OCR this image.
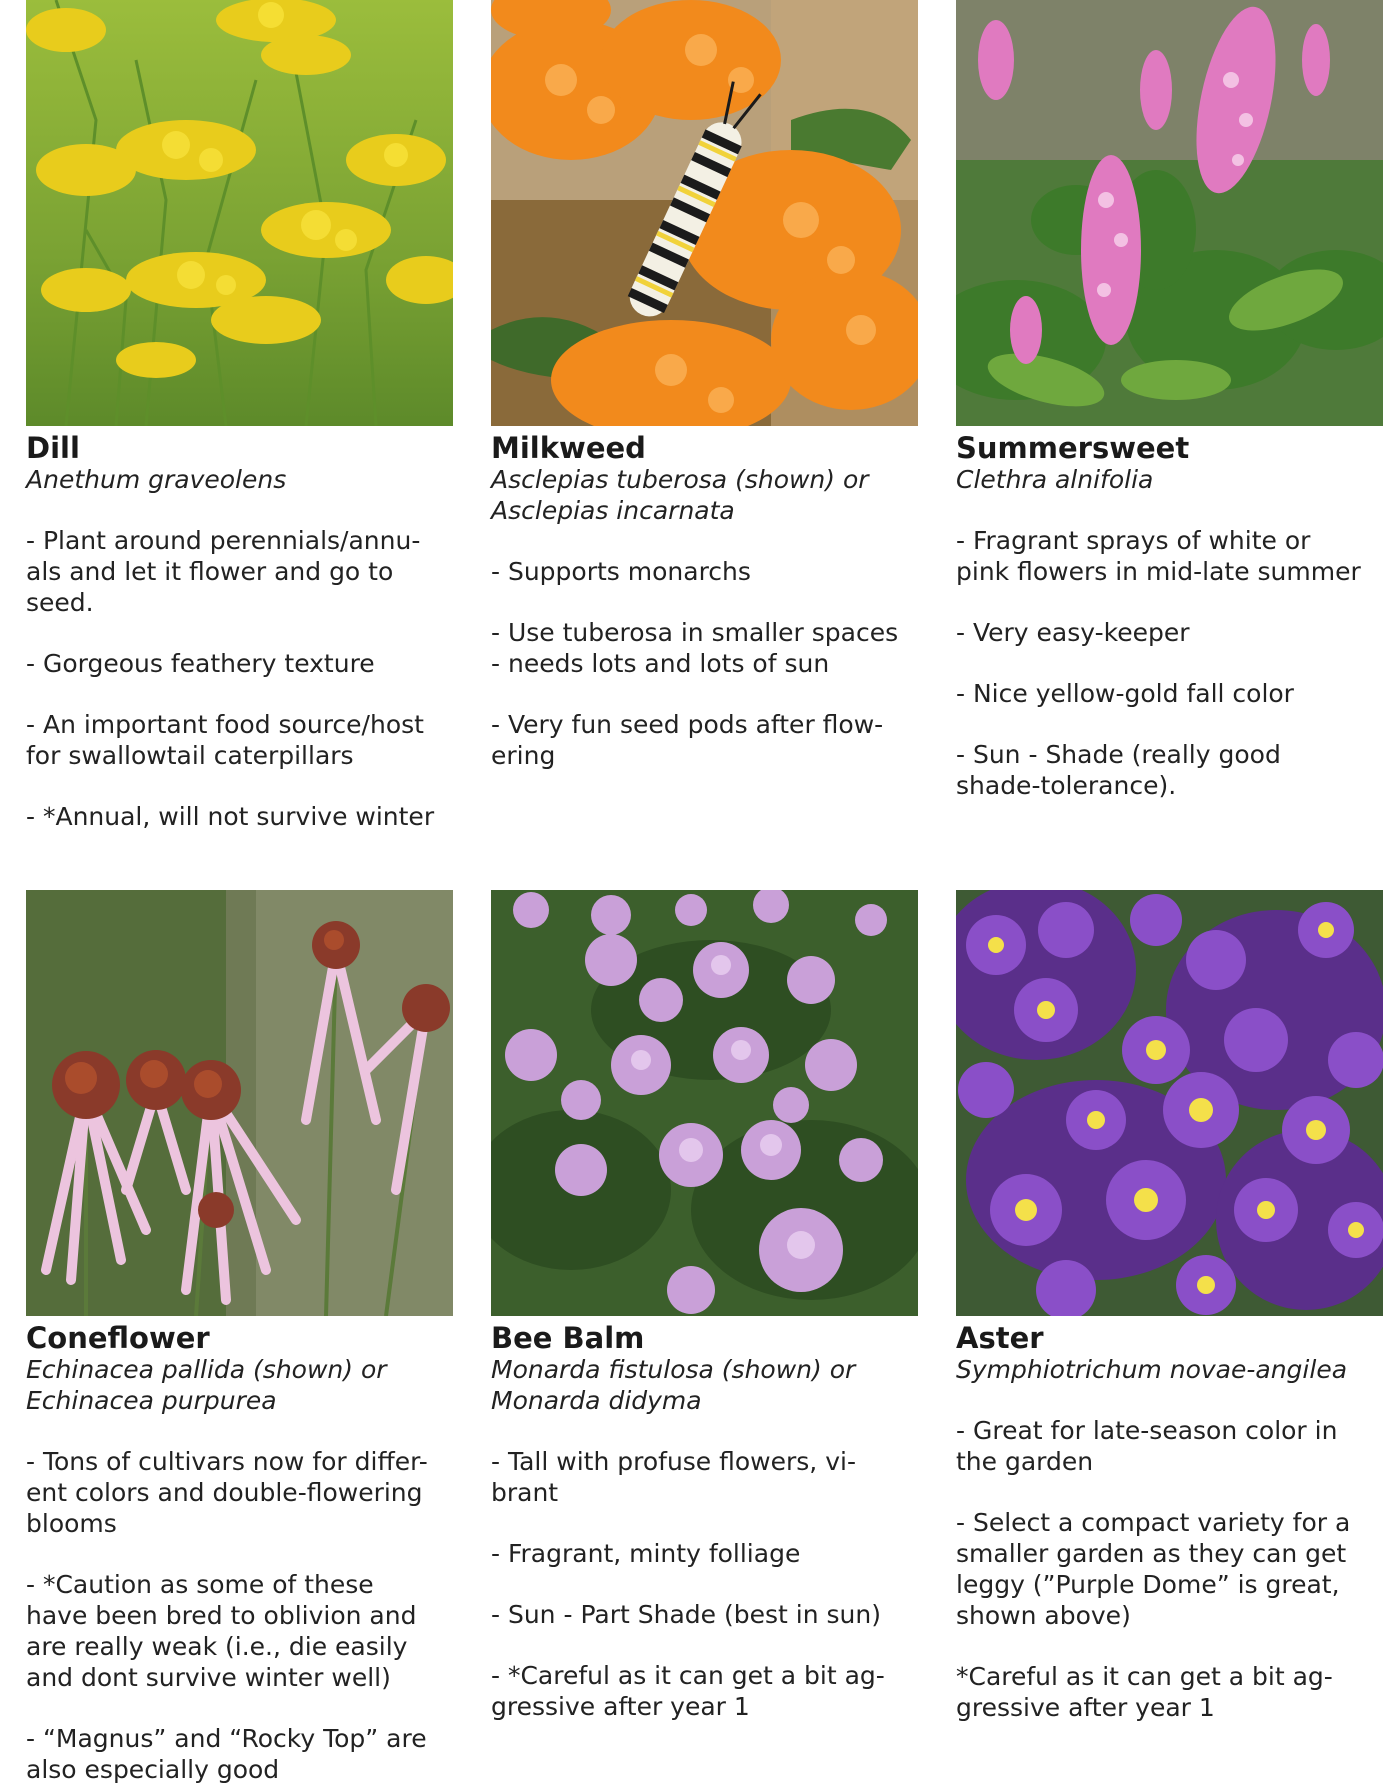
Dill
Anethum graveolens
- Plant around perennials/annu-
als and let it flower and go to
seed.
- Gorgeous feathery texture
- An important food source/host
for swallowtail caterpillars
- *Annual, will not survive winter
Milkweed
Asclepias tuberosa (shown) or
Asclepias incarnata
- Supports monarchs
- Use tuberosa in smaller spaces
- needs lots and lots of sun
- Very fun seed pods after flow-
ering
Summersweet
Clethra alnifolia
- Fragrant sprays of white or
pink flowers in mid-late summer
- Very easy-keeper
- Nice yellow-gold fall color
- Sun - Shade (really good
shade-tolerance).
Coneflower
Echinacea pallida (shown) or
Echinacea purpurea
- Tons of cultivars now for differ-
ent colors and double-flowering
blooms
- *Caution as some of these
have been bred to oblivion and
are really weak (i.e., die easily
and dont survive winter well)
- “Magnus” and “Rocky Top” are
also especially good
Bee Balm
Monarda fistulosa (shown) or
Monarda didyma
- Tall with profuse flowers, vi-
brant
- Fragrant, minty folliage
- Sun - Part Shade (best in sun)
- *Careful as it can get a bit ag-
gressive after year 1
Aster
Symphiotrichum novae-angilea
- Great for late-season color in
the garden
- Select a compact variety for a
smaller garden as they can get
leggy (”Purple Dome” is great,
shown above)
*Careful as it can get a bit ag-
gressive after year 1
